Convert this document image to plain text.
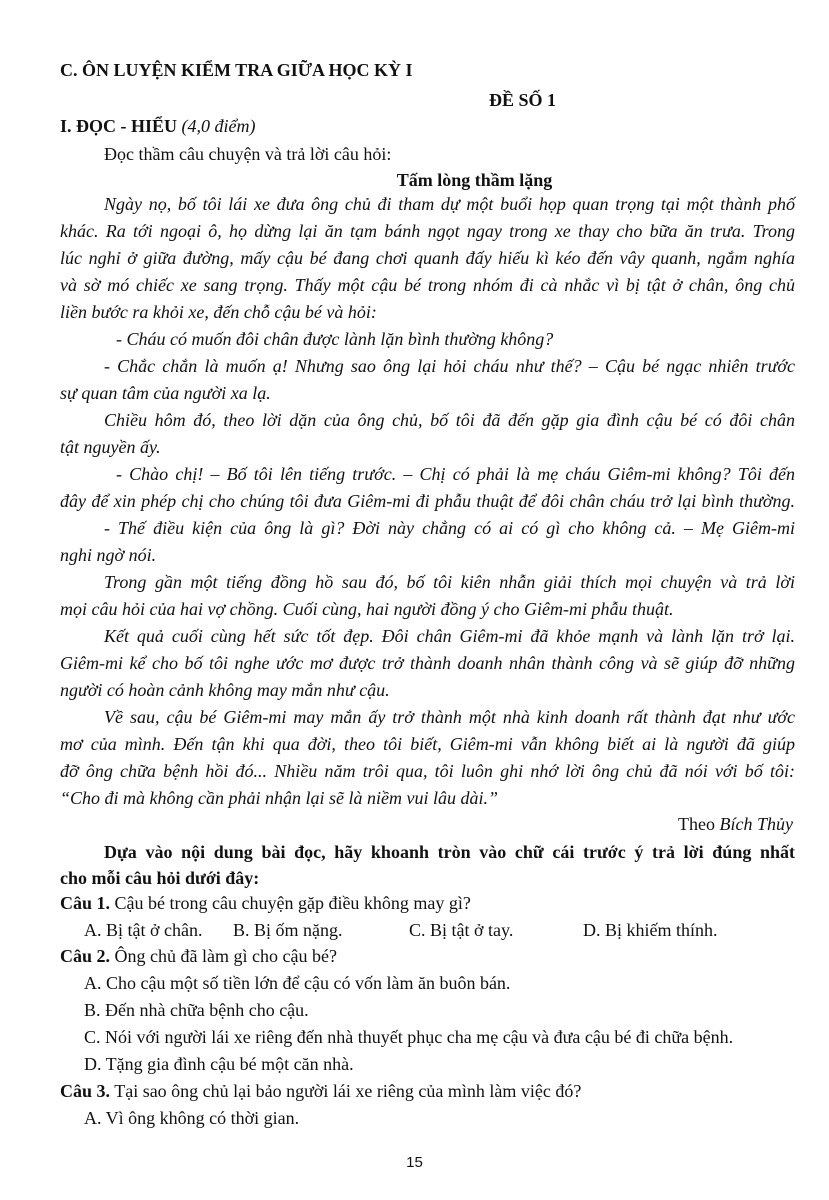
C. ÔN LUYỆN KIỂM TRA GIỮA HỌC KỲ I
ĐỀ SỐ 1
I. ĐỌC - HIỂU (4,0 điểm)
Đọc thầm câu chuyện và trả lời câu hỏi:
Tấm lòng thầm lặng
Ngày nọ, bố tôi lái xe đưa ông chủ đi tham dự một buổi họp quan trọng tại một thành phố
khác. Ra tới ngoại ô, họ dừng lại ăn tạm bánh ngọt ngay trong xe thay cho bữa ăn trưa. Trong
lúc nghỉ ở giữa đường, mấy cậu bé đang chơi quanh đấy hiếu kì kéo đến vây quanh, ngắm nghía
và sờ mó chiếc xe sang trọng. Thấy một cậu bé trong nhóm đi cà nhắc vì bị tật ở chân, ông chủ
liền bước ra khỏi xe, đến chỗ cậu bé và hỏi:
- Cháu có muốn đôi chân được lành lặn bình thường không?
- Chắc chắn là muốn ạ! Nhưng sao ông lại hỏi cháu như thế? – Cậu bé ngạc nhiên trước
sự quan tâm của người xa lạ.
Chiều hôm đó, theo lời dặn của ông chủ, bố tôi đã đến gặp gia đình cậu bé có đôi chân
tật nguyền ấy.
- Chào chị! – Bố tôi lên tiếng trước. – Chị có phải là mẹ cháu Giêm-mi không? Tôi đến
đây để xin phép chị cho chúng tôi đưa Giêm-mi đi phẫu thuật để đôi chân cháu trở lại bình thường.
- Thế điều kiện của ông là gì? Đời này chẳng có ai có gì cho không cả. – Mẹ Giêm-mi
nghi ngờ nói.
Trong gần một tiếng đồng hồ sau đó, bố tôi kiên nhẫn giải thích mọi chuyện và trả lời
mọi câu hỏi của hai vợ chồng. Cuối cùng, hai người đồng ý cho Giêm-mi phẫu thuật.
Kết quả cuối cùng hết sức tốt đẹp. Đôi chân Giêm-mi đã khỏe mạnh và lành lặn trở lại.
Giêm-mi kể cho bố tôi nghe ước mơ được trở thành doanh nhân thành công và sẽ giúp đỡ những
người có hoàn cảnh không may mắn như cậu.
Về sau, cậu bé Giêm-mi may mắn ấy trở thành một nhà kinh doanh rất thành đạt như ước
mơ của mình. Đến tận khi qua đời, theo tôi biết, Giêm-mi vẫn không biết ai là người đã giúp
đỡ ông chữa bệnh hồi đó... Nhiều năm trôi qua, tôi luôn ghi nhớ lời ông chủ đã nói với bố tôi:
“Cho đi mà không cần phải nhận lại sẽ là niềm vui lâu dài.”
Theo Bích Thủy
Dựa vào nội dung bài đọc, hãy khoanh tròn vào chữ cái trước ý trả lời đúng nhất
cho mỗi câu hỏi dưới đây:
Câu 1. Cậu bé trong câu chuyện gặp điều không may gì?
A. Bị tật ở chân.	B. Bị ốm nặng.	C. Bị tật ở tay.	D. Bị khiếm thính.
Câu 2. Ông chủ đã làm gì cho cậu bé?
A. Cho cậu một số tiền lớn để cậu có vốn làm ăn buôn bán.
B. Đến nhà chữa bệnh cho cậu.
C. Nói với người lái xe riêng đến nhà thuyết phục cha mẹ cậu và đưa cậu bé đi chữa bệnh.
D. Tặng gia đình cậu bé một căn nhà.
Câu 3. Tại sao ông chủ lại bảo người lái xe riêng của mình làm việc đó?
A. Vì ông không có thời gian.
15
